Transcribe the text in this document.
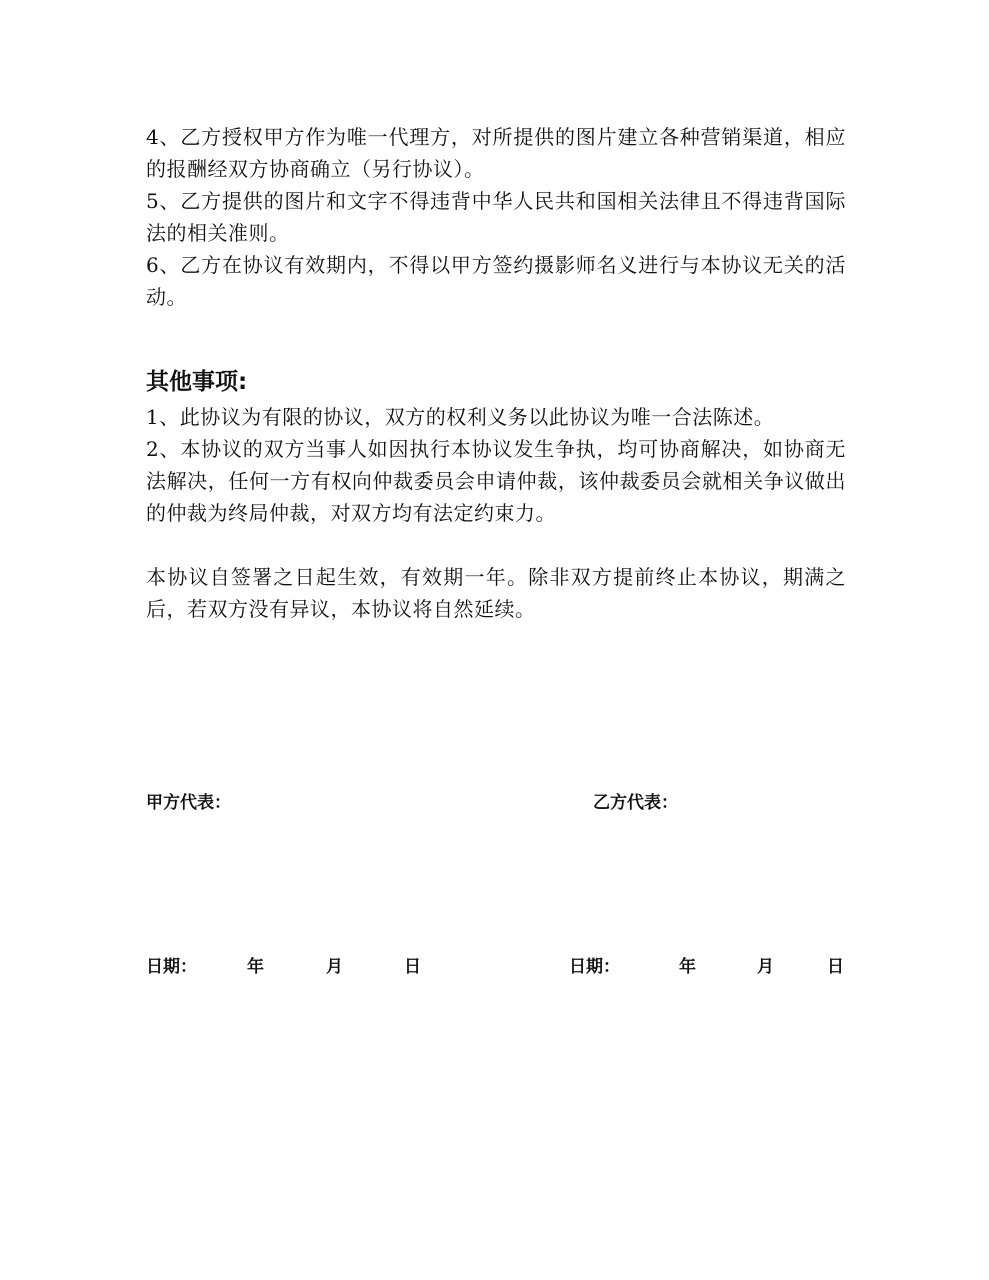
4、乙方授权甲方作为唯一代理方，对所提供的图片建立各种营销渠道，相应的报酬经双方协商确立（另行协议）。

5、乙方提供的图片和文字不得违背中华人民共和国相关法律且不得违背国际法的相关准则。

6、乙方在协议有效期内，不得以甲方签约摄影师名义进行与本协议无关的活动。

其他事项:

1、此协议为有限的协议，双方的权利义务以此协议为唯一合法陈述。

2、本协议的双方当事人如因执行本协议发生争执，均可协商解决，如协商无法解决，任何一方有权向仲裁委员会申请仲裁，该仲裁委员会就相关争议做出的仲裁为终局仲裁，对双方均有法定约束力。

本协议自签署之日起生效，有效期一年。除非双方提前终止本协议，期满之后，若双方没有异议，本协议将自然延续。

甲方代表：
日期：	年	月	日
乙方代表：
日期：	年	月	日
